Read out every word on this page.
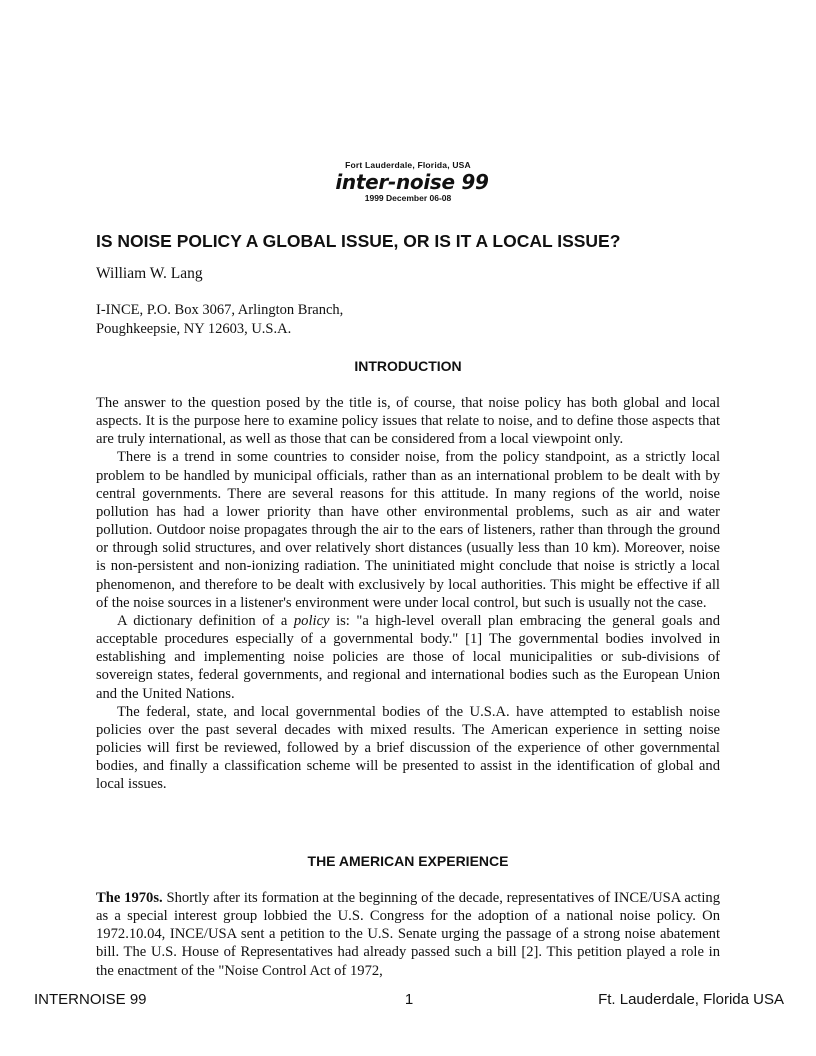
Fort Lauderdale, Florida, USA
inter-noise 99
1999 December 06-08
IS NOISE POLICY A GLOBAL ISSUE, OR IS IT A LOCAL ISSUE?
William W. Lang
I-INCE, P.O. Box 3067, Arlington Branch,
Poughkeepsie, NY 12603, U.S.A.
INTRODUCTION

The answer to the question posed by the title is, of course, that noise policy has both global and local aspects. It is the purpose here to examine policy issues that relate to noise, and to define those aspects that are truly international, as well as those that can be considered from a local viewpoint only.

There is a trend in some countries to consider noise, from the policy standpoint, as a strictly local problem to be handled by municipal officials, rather than as an international problem to be dealt with by central governments. There are several reasons for this attitude. In many regions of the world, noise pollution has had a lower priority than have other environmental problems, such as air and water pollution. Outdoor noise propagates through the air to the ears of listeners, rather than through the ground or through solid structures, and over relatively short distances (usually less than 10 km). Moreover, noise is non-persistent and non-ionizing radiation. The uninitiated might conclude that noise is strictly a local phenomenon, and therefore to be dealt with exclusively by local authorities. This might be effective if all of the noise sources in a listener's environment were under local control, but such is usually not the case.

A dictionary definition of a policy is: "a high-level overall plan embracing the general goals and acceptable procedures especially of a governmental body." [1] The governmental bodies involved in establishing and implementing noise policies are those of local municipalities or sub-divisions of sovereign states, federal governments, and regional and international bodies such as the European Union and the United Nations.

The federal, state, and local governmental bodies of the U.S.A. have attempted to establish noise policies over the past several decades with mixed results. The American experience in setting noise policies will first be reviewed, followed by a brief discussion of the experience of other governmental bodies, and finally a classification scheme will be presented to assist in the identification of global and local issues.

THE AMERICAN EXPERIENCE

The 1970s. Shortly after its formation at the beginning of the decade, representatives of INCE/USA acting as a special interest group lobbied the U.S. Congress for the adoption of a national noise policy. On 1972.10.04, INCE/USA sent a petition to the U.S. Senate urging the passage of a strong noise abatement bill. The U.S. House of Representatives had already passed such a bill [2]. This petition played a role in the enactment of the "Noise Control Act of 1972,

INTERNOISE 99	1	Ft. Lauderdale, Florida USA
